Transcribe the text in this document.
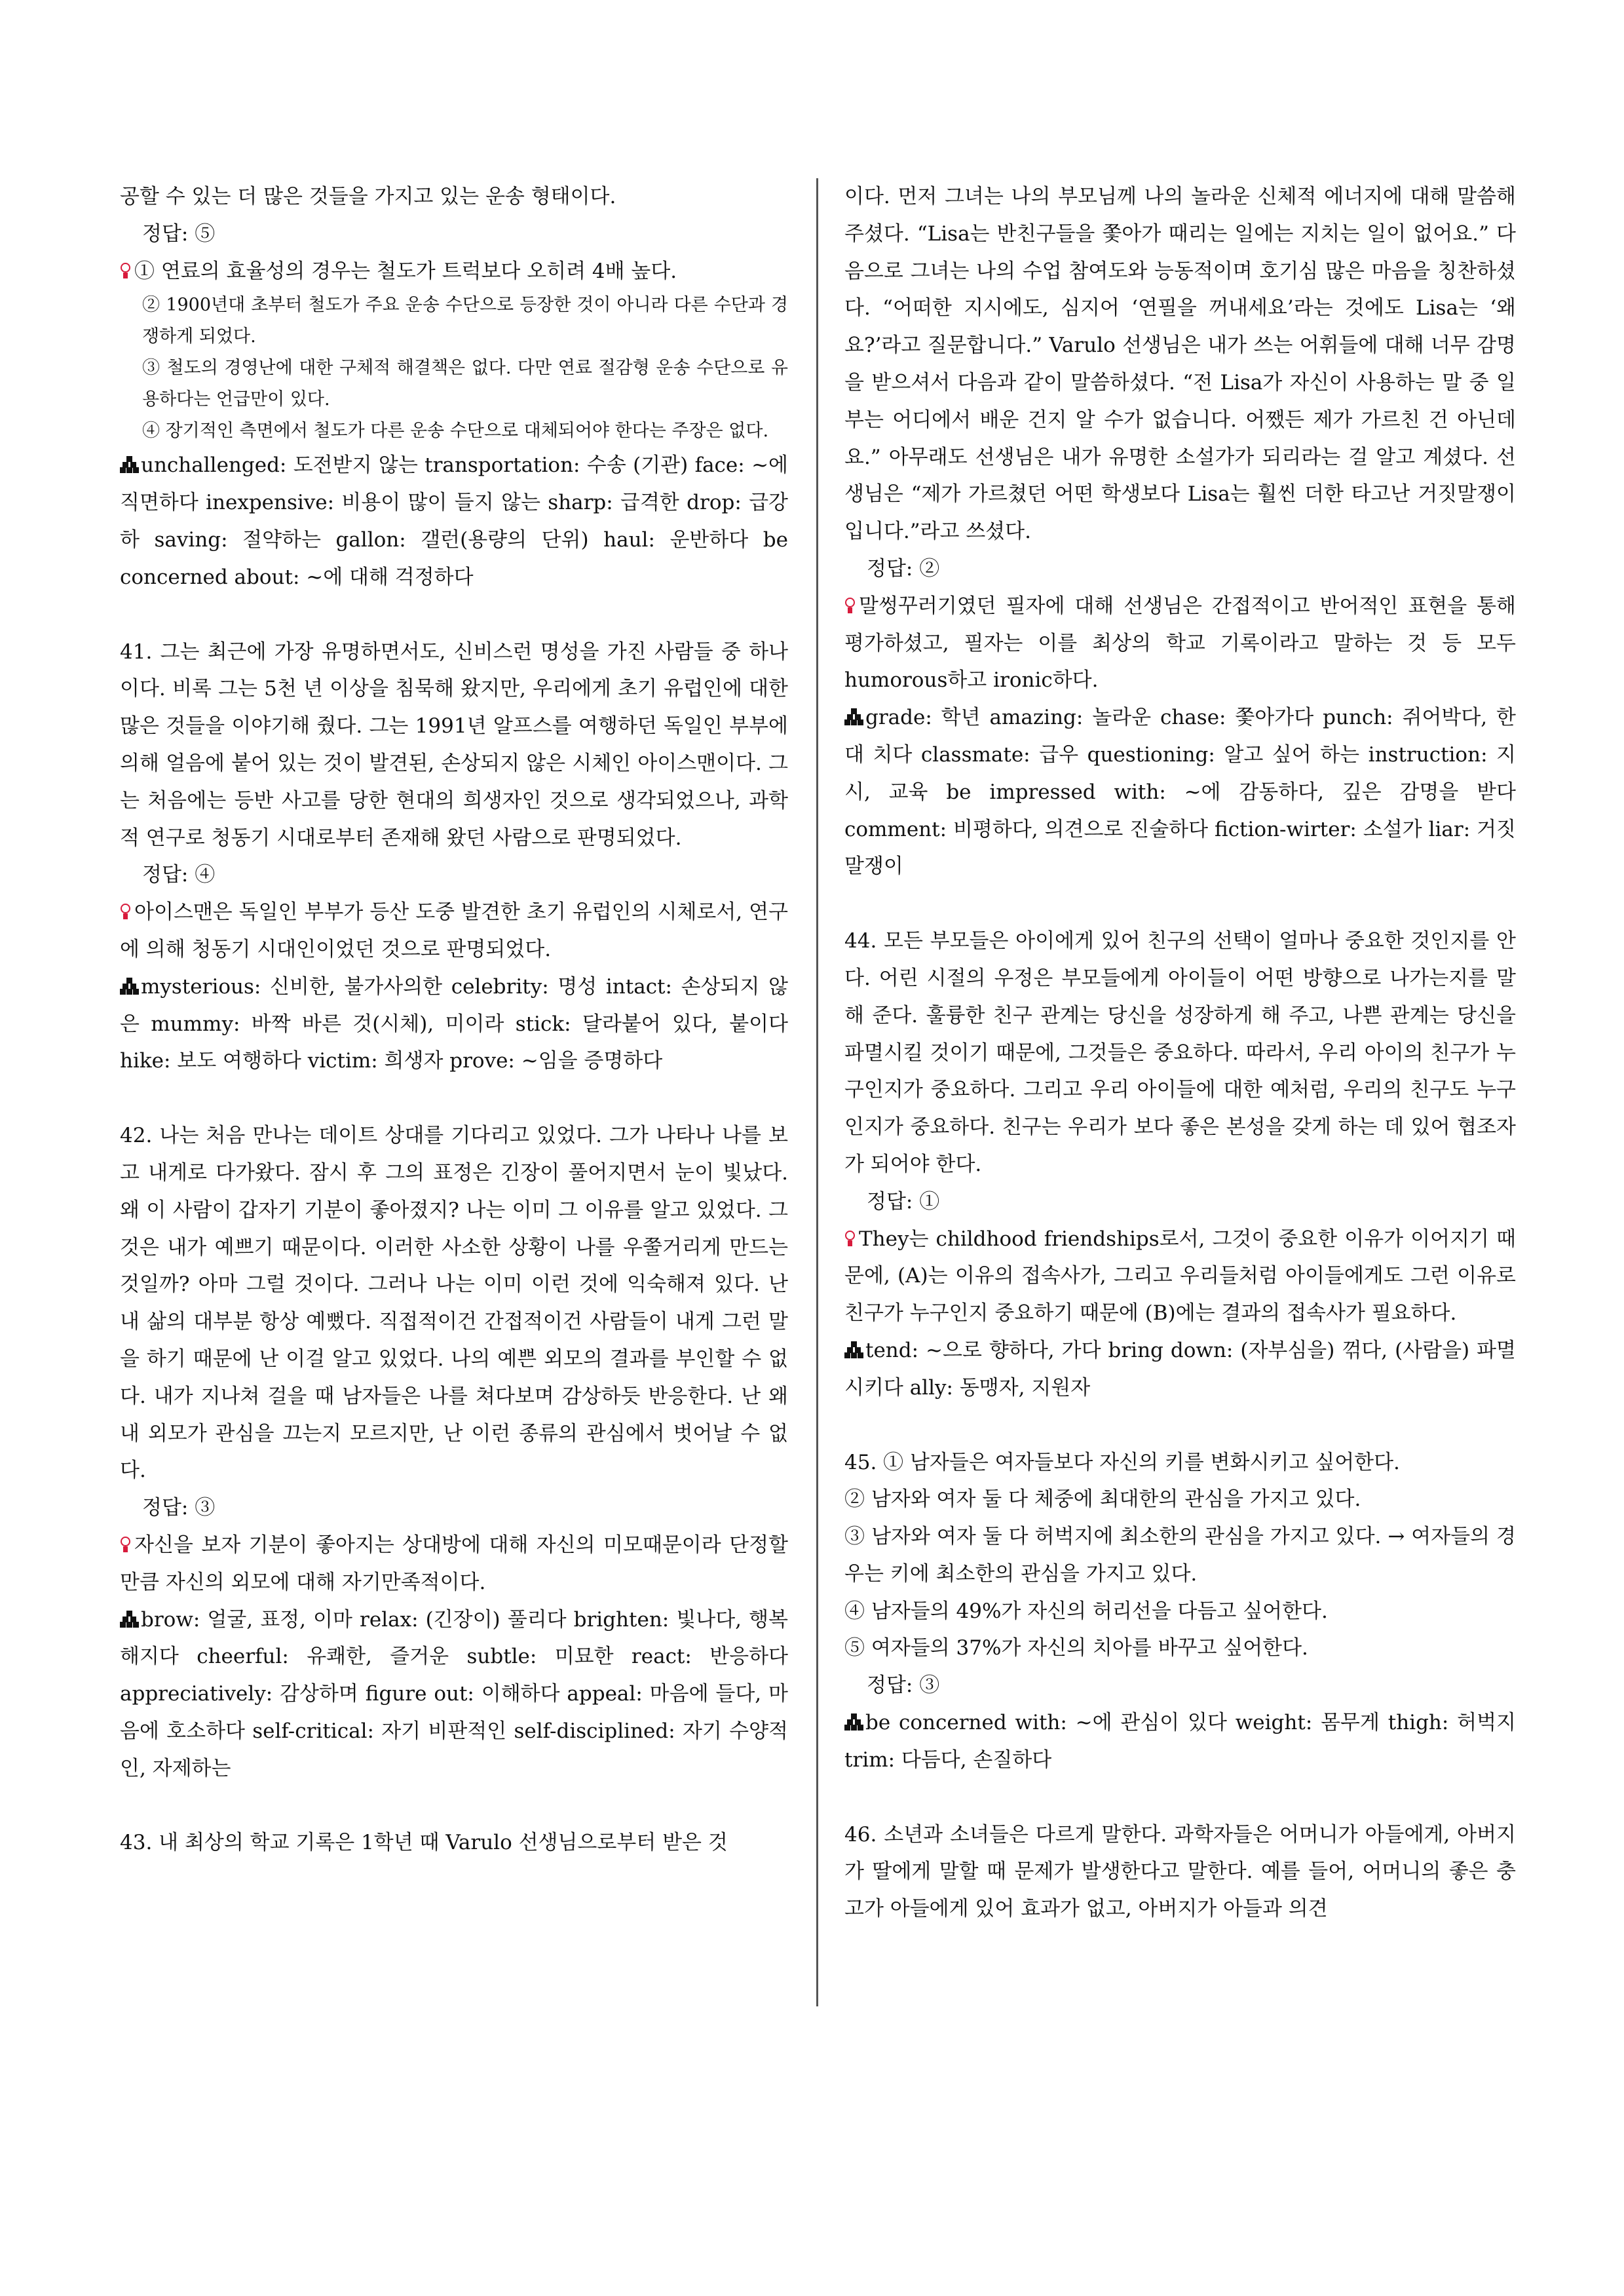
공할 수 있는 더 많은 것들을 가지고 있는 운송 형태이다.

정답: ⑤

① 연료의 효율성의 경우는 철도가 트럭보다 오히려 4배 높다.

② 1900년대 초부터 철도가 주요 운송 수단으로 등장한 것이 아니라 다른 수단과 경쟁하게 되었다.

③ 철도의 경영난에 대한 구체적 해결책은 없다. 다만 연료 절감형 운송 수단으로 유용하다는 언급만이 있다.

④ 장기적인 측면에서 철도가 다른 운송 수단으로 대체되어야 한다는 주장은 없다.

unchallenged: 도전받지 않는 transportation: 수송 (기관) face: ~에 직면하다 inexpensive: 비용이 많이 들지 않는 sharp: 급격한 drop: 급강하 saving: 절약하는 gallon: 갤런(용량의 단위) haul: 운반하다 be concerned about: ~에 대해 걱정하다

41. 그는 최근에 가장 유명하면서도, 신비스런 명성을 가진 사람들 중 하나이다. 비록 그는 5천 년 이상을 침묵해 왔지만, 우리에게 초기 유럽인에 대한 많은 것들을 이야기해 줬다. 그는 1991년 알프스를 여행하던 독일인 부부에 의해 얼음에 붙어 있는 것이 발견된, 손상되지 않은 시체인 아이스맨이다. 그는 처음에는 등반 사고를 당한 현대의 희생자인 것으로 생각되었으나, 과학적 연구로 청동기 시대로부터 존재해 왔던 사람으로 판명되었다.

정답: ④

아이스맨은 독일인 부부가 등산 도중 발견한 초기 유럽인의 시체로서, 연구에 의해 청동기 시대인이었던 것으로 판명되었다.

mysterious: 신비한, 불가사의한 celebrity: 명성 intact: 손상되지 않은 mummy: 바짝 바른 것(시체), 미이라 stick: 달라붙어 있다, 붙이다 hike: 보도 여행하다 victim: 희생자 prove: ~임을 증명하다

42. 나는 처음 만나는 데이트 상대를 기다리고 있었다. 그가 나타나 나를 보고 내게로 다가왔다. 잠시 후 그의 표정은 긴장이 풀어지면서 눈이 빛났다. 왜 이 사람이 갑자기 기분이 좋아졌지? 나는 이미 그 이유를 알고 있었다. 그것은 내가 예쁘기 때문이다. 이러한 사소한 상황이 나를 우쭐거리게 만드는 것일까? 아마 그럴 것이다. 그러나 나는 이미 이런 것에 익숙해져 있다. 난 내 삶의 대부분 항상 예뻤다. 직접적이건 간접적이건 사람들이 내게 그런 말을 하기 때문에 난 이걸 알고 있었다. 나의 예쁜 외모의 결과를 부인할 수 없다. 내가 지나쳐 걸을 때 남자들은 나를 쳐다보며 감상하듯 반응한다. 난 왜 내 외모가 관심을 끄는지 모르지만, 난 이런 종류의 관심에서 벗어날 수 없다.

정답: ③

자신을 보자 기분이 좋아지는 상대방에 대해 자신의 미모때문이라 단정할 만큼 자신의 외모에 대해 자기만족적이다.

brow: 얼굴, 표정, 이마 relax: (긴장이) 풀리다 brighten: 빛나다, 행복해지다 cheerful: 유쾌한, 즐거운 subtle: 미묘한 react: 반응하다 appreciatively: 감상하며 figure out: 이해하다 appeal: 마음에 들다, 마음에 호소하다 self-critical: 자기 비판적인 self-disciplined: 자기 수양적인, 자제하는

43. 내 최상의 학교 기록은 1학년 때 Varulo 선생님으로부터 받은 것

이다. 먼저 그녀는 나의 부모님께 나의 놀라운 신체적 에너지에 대해 말씀해 주셨다. “Lisa는 반친구들을 쫓아가 때리는 일에는 지치는 일이 없어요.” 다음으로 그녀는 나의 수업 참여도와 능동적이며 호기심 많은 마음을 칭찬하셨다. “어떠한 지시에도, 심지어 ‘연필을 꺼내세요’라는 것에도 Lisa는 ‘왜요?’라고 질문합니다.” Varulo 선생님은 내가 쓰는 어휘들에 대해 너무 감명을 받으셔서 다음과 같이 말씀하셨다. “전 Lisa가 자신이 사용하는 말 중 일부는 어디에서 배운 건지 알 수가 없습니다. 어쨌든 제가 가르친 건 아닌데요.” 아무래도 선생님은 내가 유명한 소설가가 되리라는 걸 알고 계셨다. 선생님은 “제가 가르쳤던 어떤 학생보다 Lisa는 훨씬 더한 타고난 거짓말쟁이입니다.”라고 쓰셨다.

정답: ②

말썽꾸러기였던 필자에 대해 선생님은 간접적이고 반어적인 표현을 통해 평가하셨고, 필자는 이를 최상의 학교 기록이라고 말하는 것 등 모두 humorous하고 ironic하다.

grade: 학년 amazing: 놀라운 chase: 쫓아가다 punch: 쥐어박다, 한 대 치다 classmate: 급우 questioning: 알고 싶어 하는 instruction: 지시, 교육 be impressed with: ~에 감동하다, 깊은 감명을 받다 comment: 비평하다, 의견으로 진술하다 fiction-wirter: 소설가 liar: 거짓말쟁이

44. 모든 부모들은 아이에게 있어 친구의 선택이 얼마나 중요한 것인지를 안다. 어린 시절의 우정은 부모들에게 아이들이 어떤 방향으로 나가는지를 말해 준다. 훌륭한 친구 관계는 당신을 성장하게 해 주고, 나쁜 관계는 당신을 파멸시킬 것이기 때문에, 그것들은 중요하다. 따라서, 우리 아이의 친구가 누구인지가 중요하다. 그리고 우리 아이들에 대한 예처럼, 우리의 친구도 누구인지가 중요하다. 친구는 우리가 보다 좋은 본성을 갖게 하는 데 있어 협조자가 되어야 한다.

정답: ①

They는 childhood friendships로서, 그것이 중요한 이유가 이어지기 때문에, (A)는 이유의 접속사가, 그리고 우리들처럼 아이들에게도 그런 이유로 친구가 누구인지 중요하기 때문에 (B)에는 결과의 접속사가 필요하다.

tend: ~으로 향하다, 가다 bring down: (자부심을) 꺾다, (사람을) 파멸시키다 ally: 동맹자, 지원자

45. ① 남자들은 여자들보다 자신의 키를 변화시키고 싶어한다.

② 남자와 여자 둘 다 체중에 최대한의 관심을 가지고 있다.

③ 남자와 여자 둘 다 허벅지에 최소한의 관심을 가지고 있다. → 여자들의 경우는 키에 최소한의 관심을 가지고 있다.

④ 남자들의 49%가 자신의 허리선을 다듬고 싶어한다.

⑤ 여자들의 37%가 자신의 치아를 바꾸고 싶어한다.

정답: ③

be concerned with: ~에 관심이 있다 weight: 몸무게 thigh: 허벅지 trim: 다듬다, 손질하다

46. 소년과 소녀들은 다르게 말한다. 과학자들은 어머니가 아들에게, 아버지가 딸에게 말할 때 문제가 발생한다고 말한다. 예를 들어, 어머니의 좋은 충고가 아들에게 있어 효과가 없고, 아버지가 아들과 의견
